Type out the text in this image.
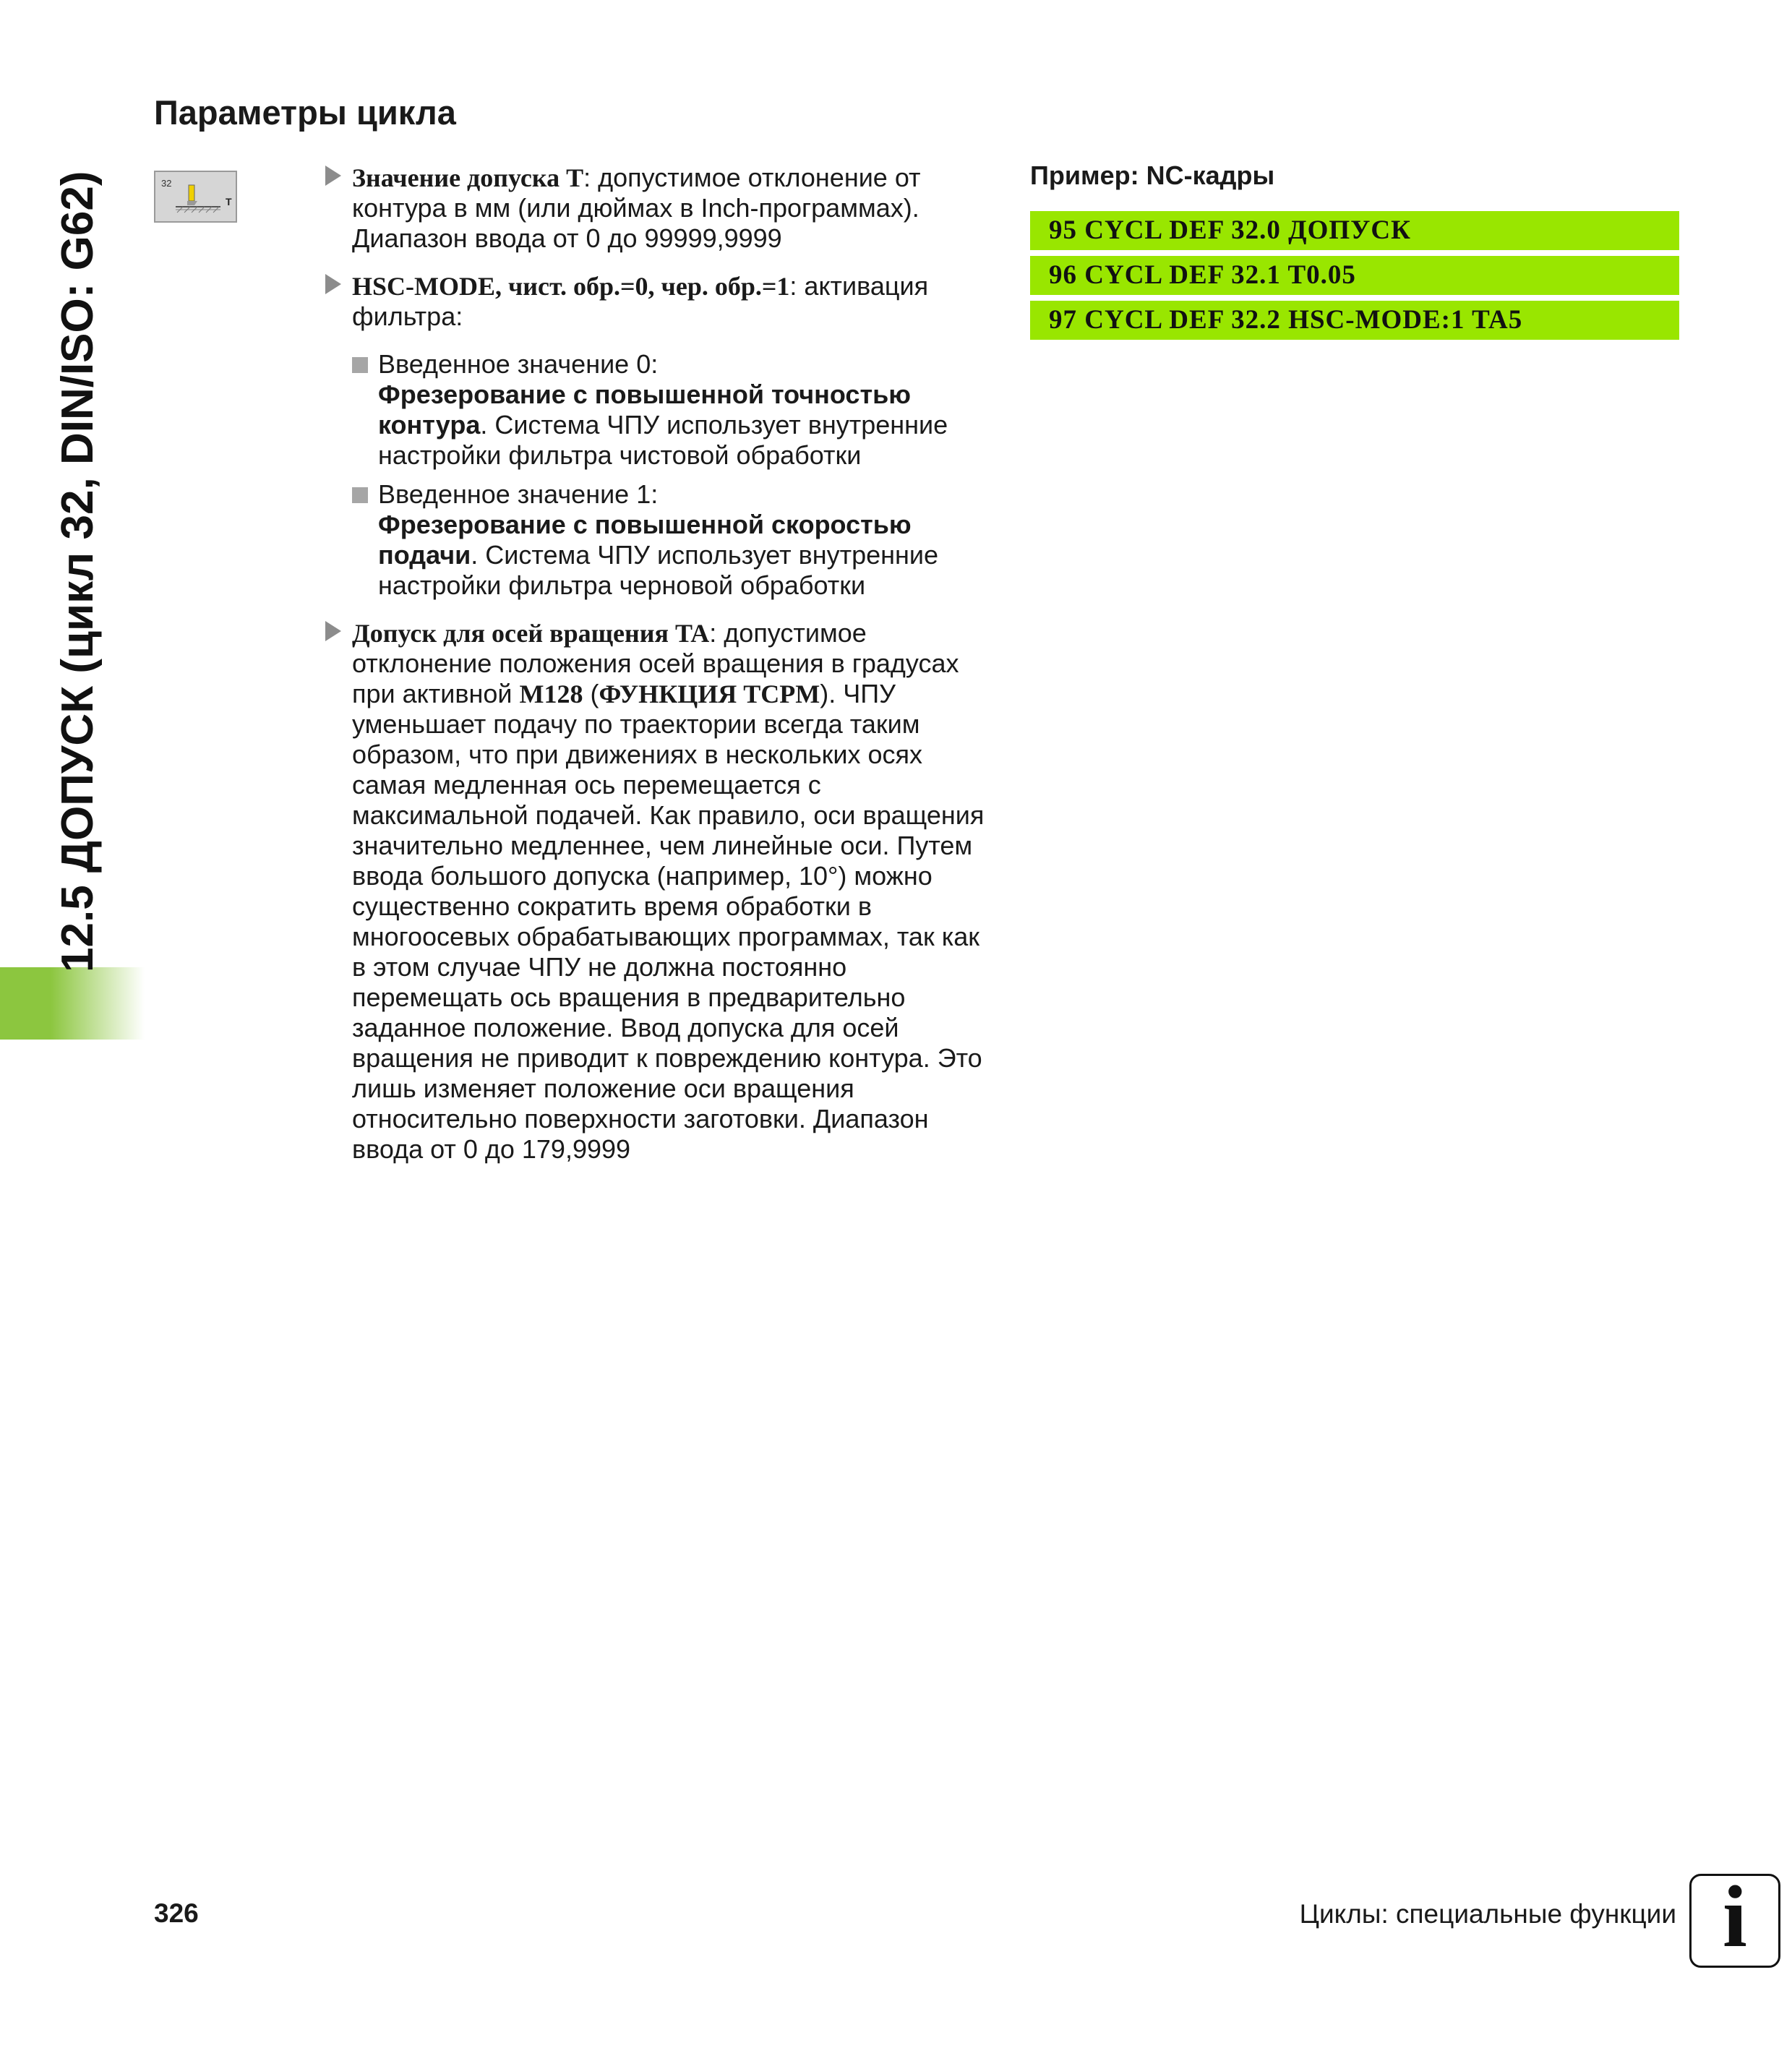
12.5 ДОПУСК (цикл 32, DIN/ISO: G62)
Параметры цикла
32
T
Значение допуска T: допустимое отклонение от контура в мм (или дюймах в Inch-программах). Диапазон ввода от 0 до 99999,9999
HSC-MODE, чист. обр.=0, чер. обр.=1: активация фильтра:
Введенное значение 0:
Фрезерование с повышенной точностью контура. Система ЧПУ использует внутренние настройки фильтра чистовой обработки
Введенное значение 1:
Фрезерование с повышенной скоростью подачи. Система ЧПУ использует внутренние настройки фильтра черновой обработки
Допуск для осей вращения TA: допустимое отклонение положения осей вращения в градусах при активной M128 (ФУНКЦИЯ TCPM). ЧПУ уменьшает подачу по траектории всегда таким образом, что при движениях в нескольких осях самая медленная ось перемещается с максимальной подачей. Как правило, оси вращения значительно медленнее, чем линейные оси. Путем ввода большого допуска (например, 10°) можно существенно сократить время обработки в многоосевых обрабатывающих программах, так как в этом случае ЧПУ не должна постоянно перемещать ось вращения в предварительно заданное положение. Ввод допуска для осей вращения не приводит к повреждению контура. Это лишь изменяет положение оси вращения относительно поверхности заготовки. Диапазон ввода от 0 до 179,9999

Пример: NC-кадры

95 CYCL DEF 32.0 ДОПУСК
96 CYCL DEF 32.1 T0.05
97 CYCL DEF 32.2 HSC-MODE:1 TA5
326	Циклы: специальные функции i
